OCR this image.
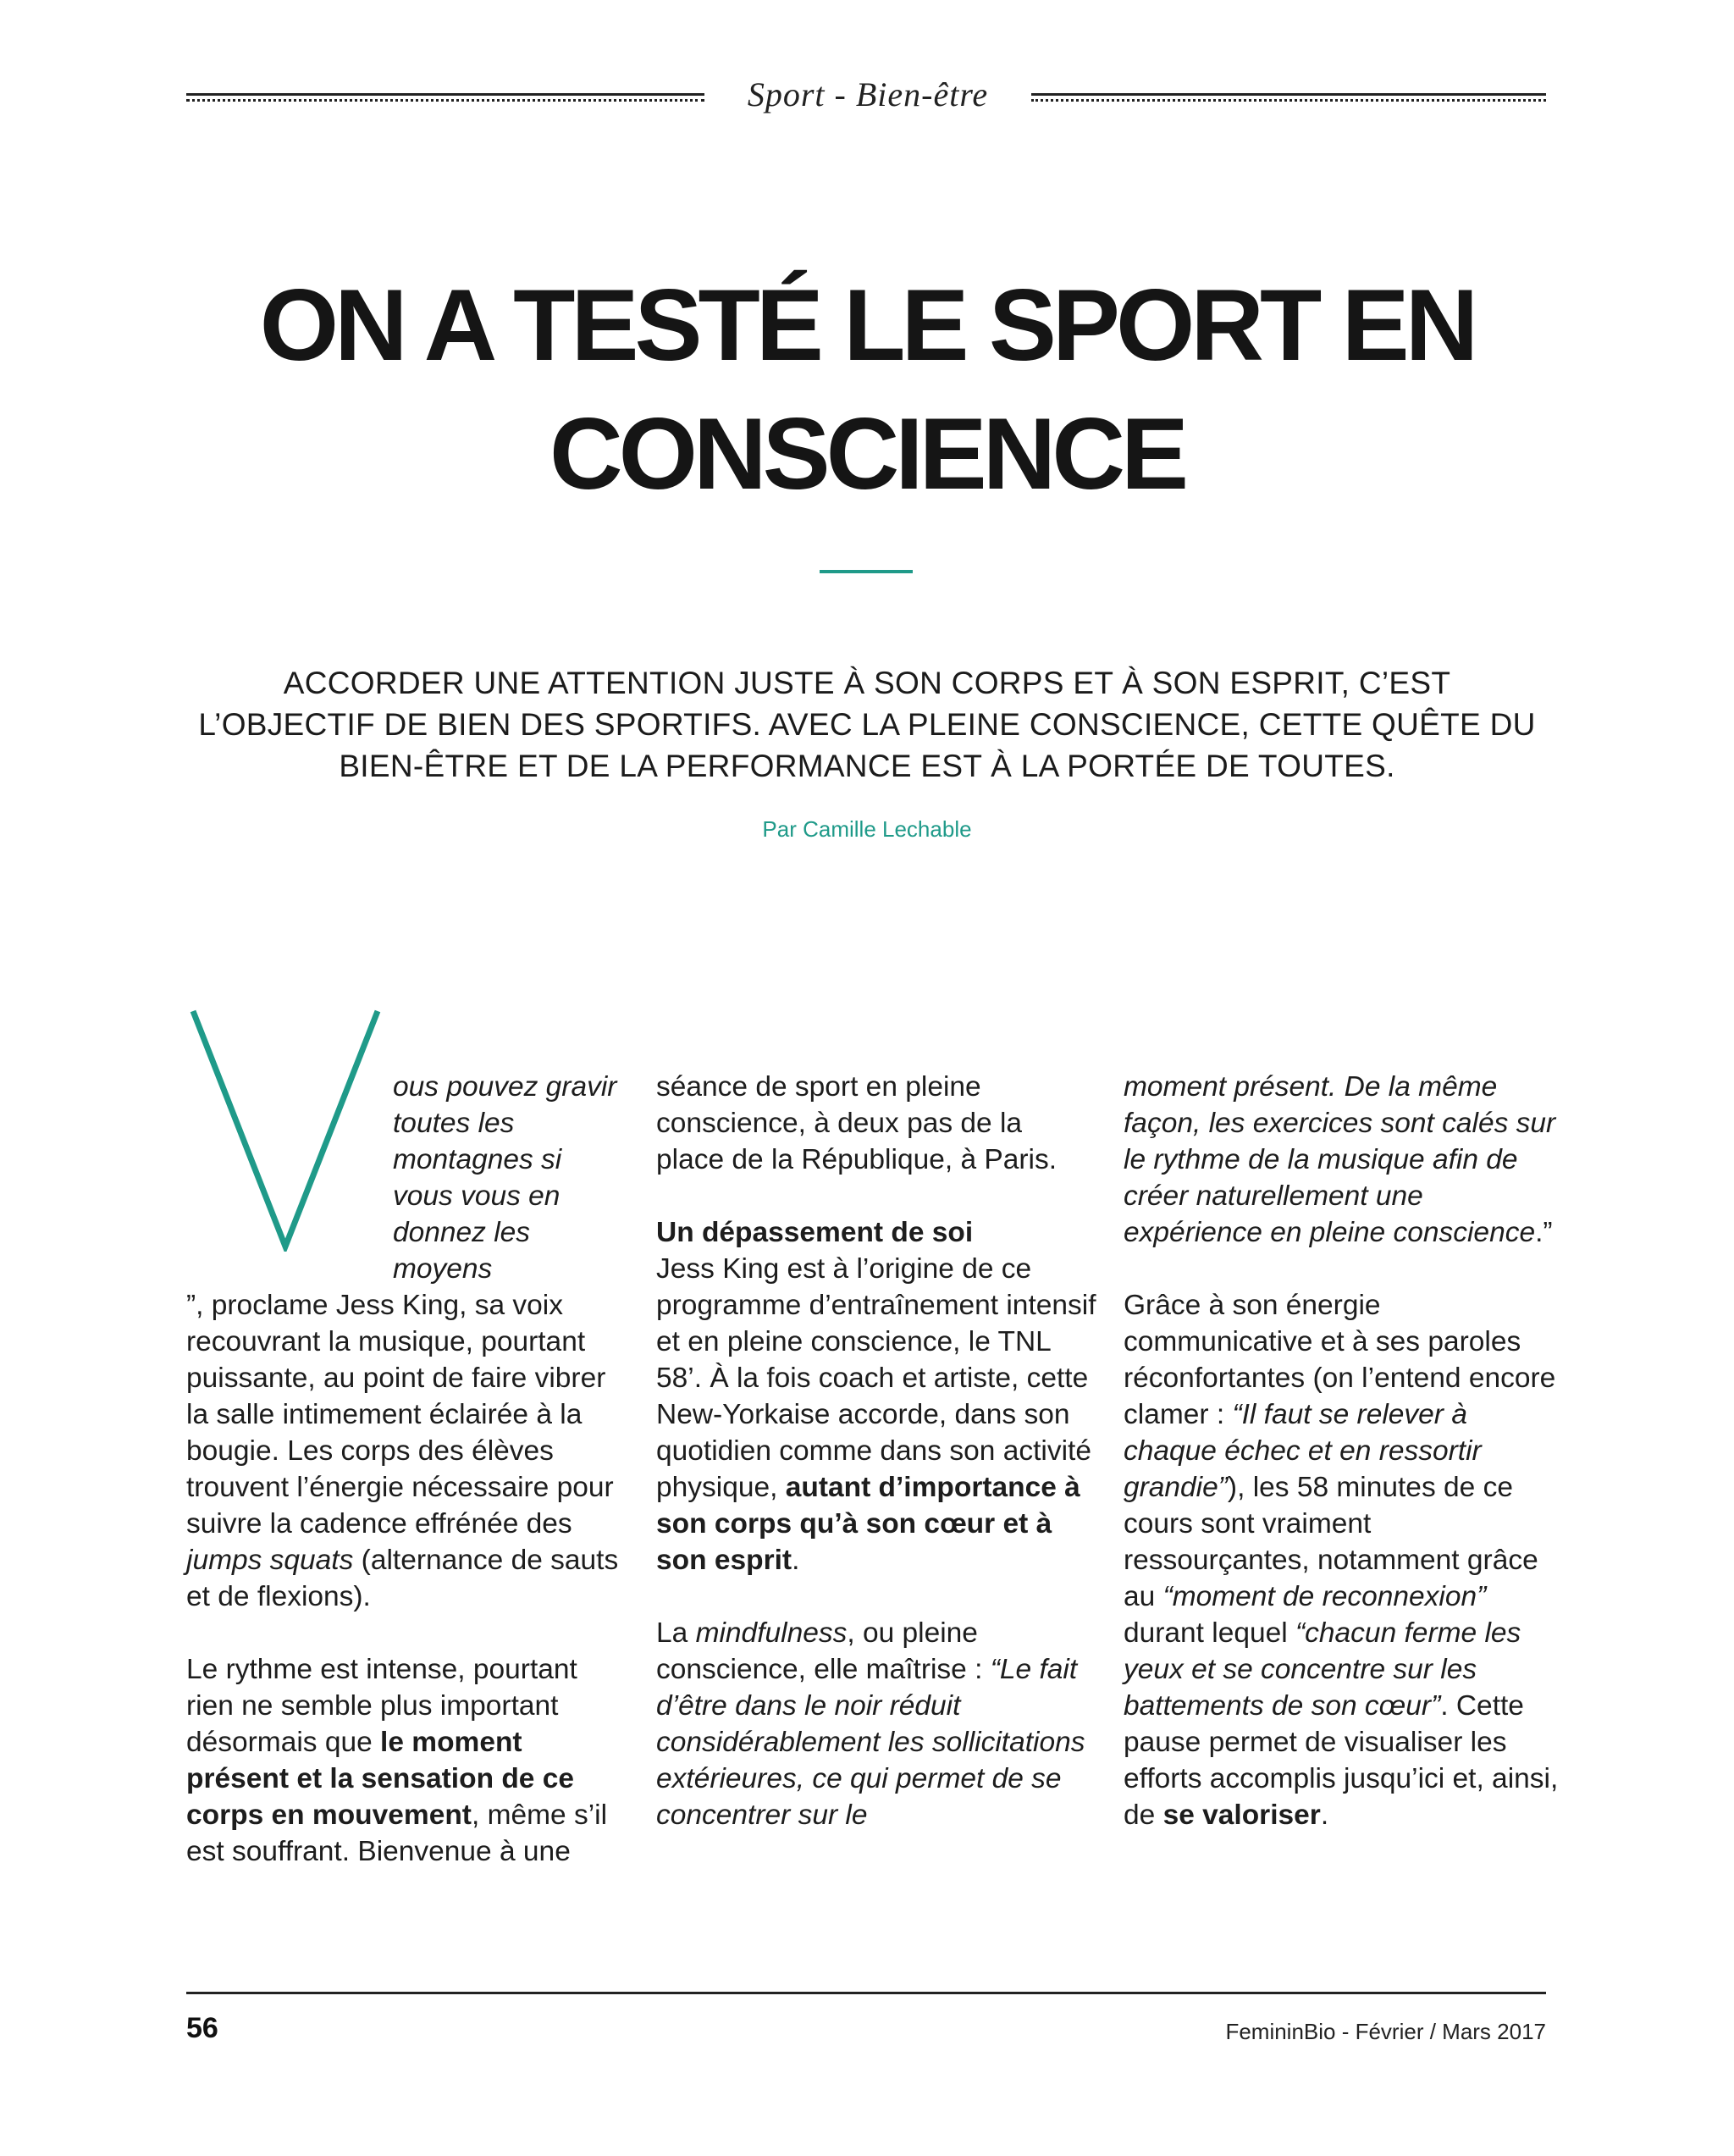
Sport - Bien-être
ON A TESTÉ LE SPORT EN CONSCIENCE

ACCORDER UNE ATTENTION JUSTE À SON CORPS ET À SON ESPRIT, C’EST L’OBJECTIF DE BIEN DES SPORTIFS. AVEC LA PLEINE CONSCIENCE, CETTE QUÊTE DU BIEN-ÊTRE ET DE LA PERFORMANCE EST À LA PORTÉE DE TOUTES.

Par Camille Lechable

ous pouvez gravir toutes les montagnes si vous vous en donnez les moyens
”, proclame Jess King, sa voix recouvrant la musique, pourtant puissante, au point de faire vibrer la salle intimement éclairée à la bougie. Les corps des élèves trouvent l’énergie nécessaire pour suivre la cadence effrénée des jumps squats (alternance de sauts et de flexions).

Le rythme est intense, pourtant rien ne semble plus important désormais que le moment présent et la sensation de ce corps en mouvement, même s’il est souffrant. Bienvenue à une

séance de sport en pleine conscience, à deux pas de la place de la République, à Paris.

Un dépassement de soi
Jess King est à l’origine de ce programme d’entraînement intensif et en pleine conscience, le TNL 58’. À la fois coach et artiste, cette New-Yorkaise accorde, dans son quotidien comme dans son activité physique, autant d’importance à son corps qu’à son cœur et à son esprit.

La mindfulness, ou pleine conscience, elle maîtrise : “Le fait d’être dans le noir réduit considérablement les sollicitations extérieures, ce qui permet de se concentrer sur le

moment présent. De la même façon, les exercices sont calés sur le rythme de la musique afin de créer naturellement une expérience en pleine conscience.”

Grâce à son énergie communicative et à ses paroles réconfortantes (on l’entend encore clamer : “Il faut se relever à chaque échec et en ressortir grandie”), les 58 minutes de ce cours sont vraiment ressourçantes, notamment grâce au “moment de reconnexion” durant lequel “chacun ferme les yeux et se concentre sur les battements de son cœur”. Cette pause permet de visualiser les efforts accomplis jusqu’ici et, ainsi, de se valoriser.

56	FemininBio - Février / Mars 2017
